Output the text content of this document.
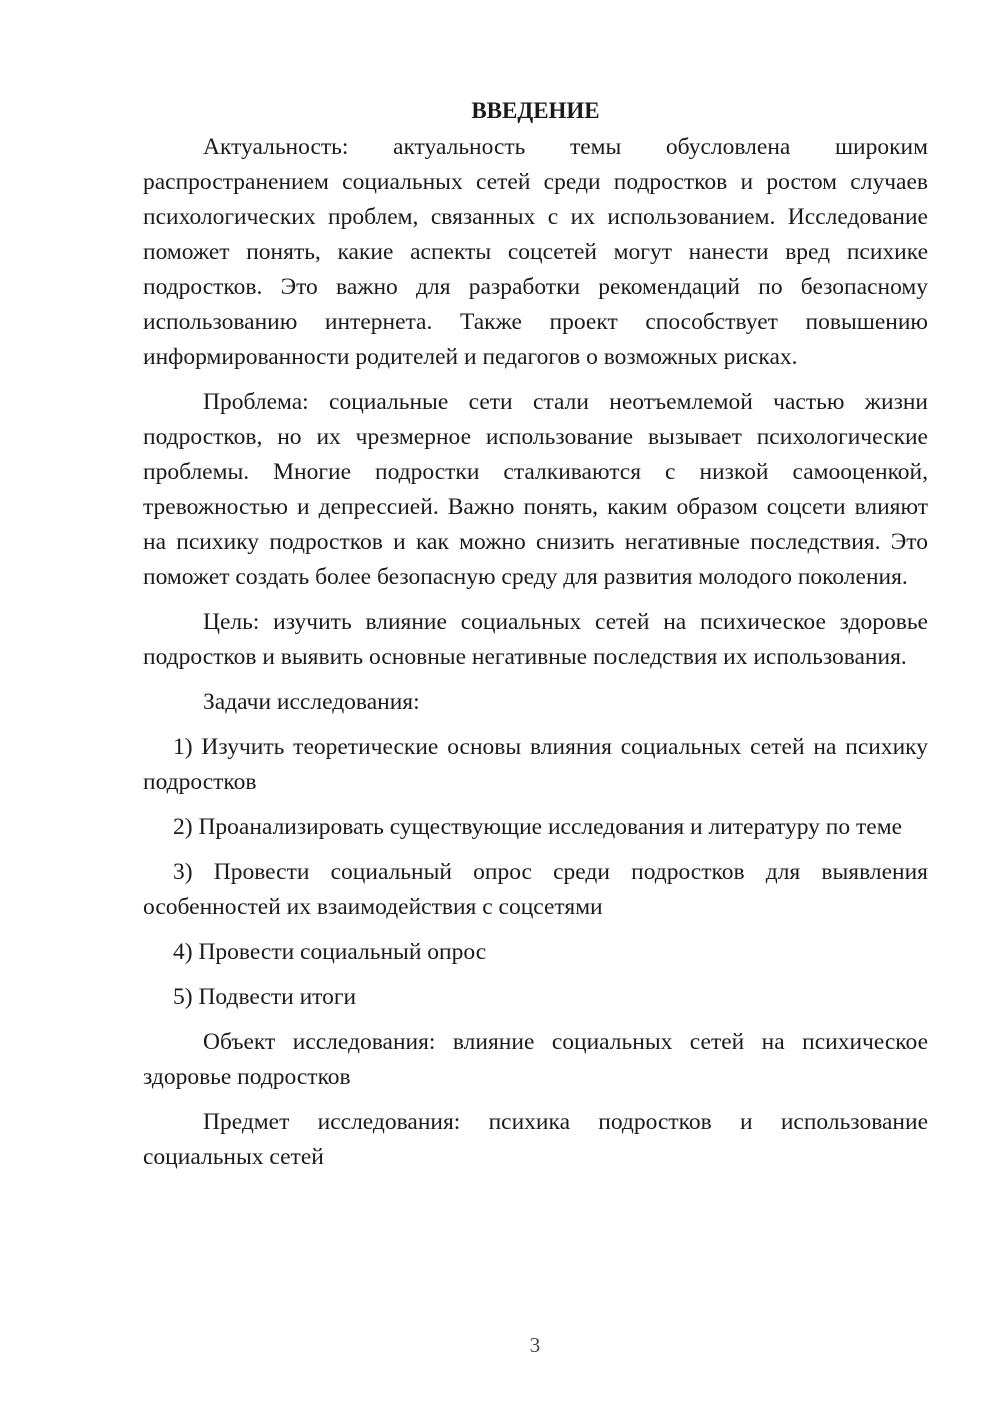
ВВЕДЕНИЕ

Актуальность: актуальность темы обусловлена широким распространением социальных сетей среди подростков и ростом случаев психологических проблем, связанных с их использованием. Исследование поможет понять, какие аспекты соцсетей могут нанести вред психике подростков. Это важно для разработки рекомендаций по безопасному использованию интернета. Также проект способствует повышению информированности родителей и педагогов о возможных рисках.

Проблема: социальные сети стали неотъемлемой частью жизни подростков, но их чрезмерное использование вызывает психологические проблемы. Многие подростки сталкиваются с низкой самооценкой, тревожностью и депрессией. Важно понять, каким образом соцсети влияют на психику подростков и как можно снизить негативные последствия. Это поможет создать более безопасную среду для развития молодого поколения.

Цель: изучить влияние социальных сетей на психическое здоровье подростков и выявить основные негативные последствия их использования.

Задачи исследования:

1) Изучить теоретические основы влияния социальных сетей на психику подростков

2) Проанализировать существующие исследования и литературу по теме

3) Провести социальный опрос среди подростков для выявления особенностей их взаимодействия с соцсетями

4) Провести социальный опрос

5) Подвести итоги

Объект исследования: влияние социальных сетей на психическое здоровье подростков

Предмет исследования: психика подростков и использование социальных сетей

3
